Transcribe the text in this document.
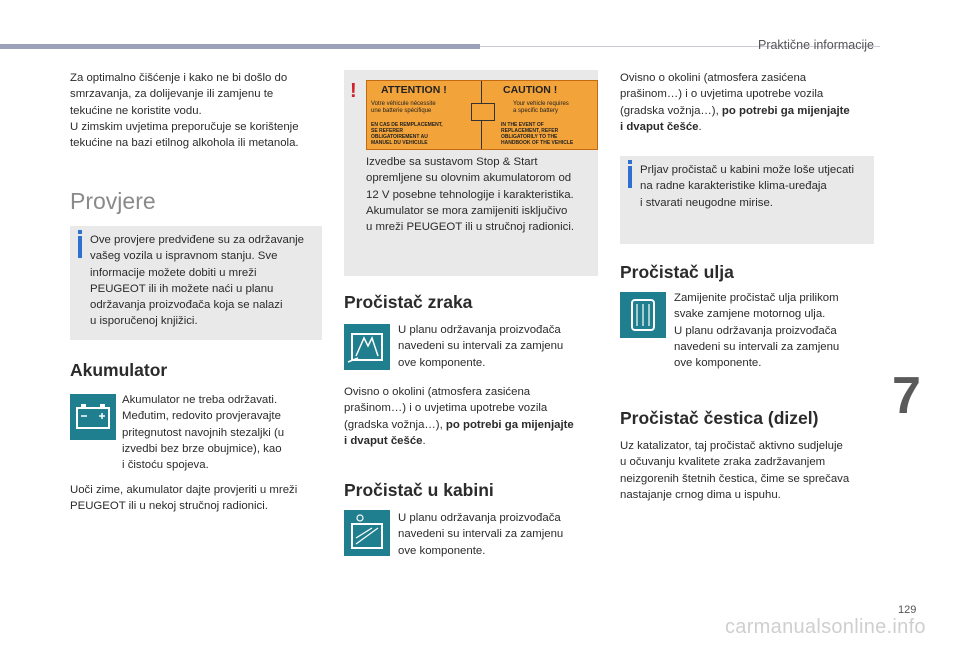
Praktične informacije
7
129
carmanualsonline.info

Za optimalno čišćenje i kako ne bi došlo do

smrzavanja, za dolijevanje ili zamjenu te

tekućine ne koristite vodu.

U zimskim uvjetima preporučuje se korištenje

tekućine na bazi etilnog alkohola ili metanola.

Provjere

Ove provjere predviđene su za održavanje

vašeg vozila u ispravnom stanju. Sve

informacije možete dobiti u mreži

PEUGEOT ili ih možete naći u planu

održavanja proizvođača koja se nalazi

u isporučenoj knjižici.

Akumulator

Akumulator ne treba održavati.

Međutim, redovito provjeravajte

pritegnutost navojnih stezaljki (u

izvedbi bez brze obujmice), kao

i čistoću spojeva.

Uoči zime, akumulator dajte provjeriti u mreži

PEUGEOT ili u nekoj stručnoj radionici.

! ATTENTION !	CAUTION !
Votre véhicule nécessite
une batterie spécifique
Your vehicle requires
a specific battery
EN CAS DE REMPLACEMENT,
SE REFERER
OBLIGATOIREMENT AU
MANUEL DU VEHICULE
IN THE EVENT OF
REPLACEMENT, REFER
OBLIGATORILY TO THE
HANDBOOK OF THE VEHICLE

Izvedbe sa sustavom Stop & Start

opremljene su olovnim akumulatorom od

12 V posebne tehnologije i karakteristika.

Akumulator se mora zamijeniti isključivo

u mreži PEUGEOT ili u stručnoj radionici.

Pročistač zraka

U planu održavanja proizvođača

navedeni su intervali za zamjenu

ove komponente.

Ovisno o okolini (atmosfera zasićena

prašinom…) i o uvjetima upotrebe vozila

(gradska vožnja…), po potrebi ga mijenjajte

i dvaput češće.

Pročistač u kabini

U planu održavanja proizvođača

navedeni su intervali za zamjenu

ove komponente.

Ovisno o okolini (atmosfera zasićena

prašinom…) i o uvjetima upotrebe vozila

(gradska vožnja…), po potrebi ga mijenjajte

i dvaput češće.

Prljav pročistač u kabini može loše utjecati

na radne karakteristike klima-uređaja

i stvarati neugodne mirise.

Pročistač ulja

Zamijenite pročistač ulja prilikom

svake zamjene motornog ulja.

U planu održavanja proizvođača

navedeni su intervali za zamjenu

ove komponente.

Pročistač čestica (dizel)

Uz katalizator, taj pročistač aktivno sudjeluje

u očuvanju kvalitete zraka zadržavanjem

neizgorenih štetnih čestica, čime se sprečava

nastajanje crnog dima u ispuhu.
